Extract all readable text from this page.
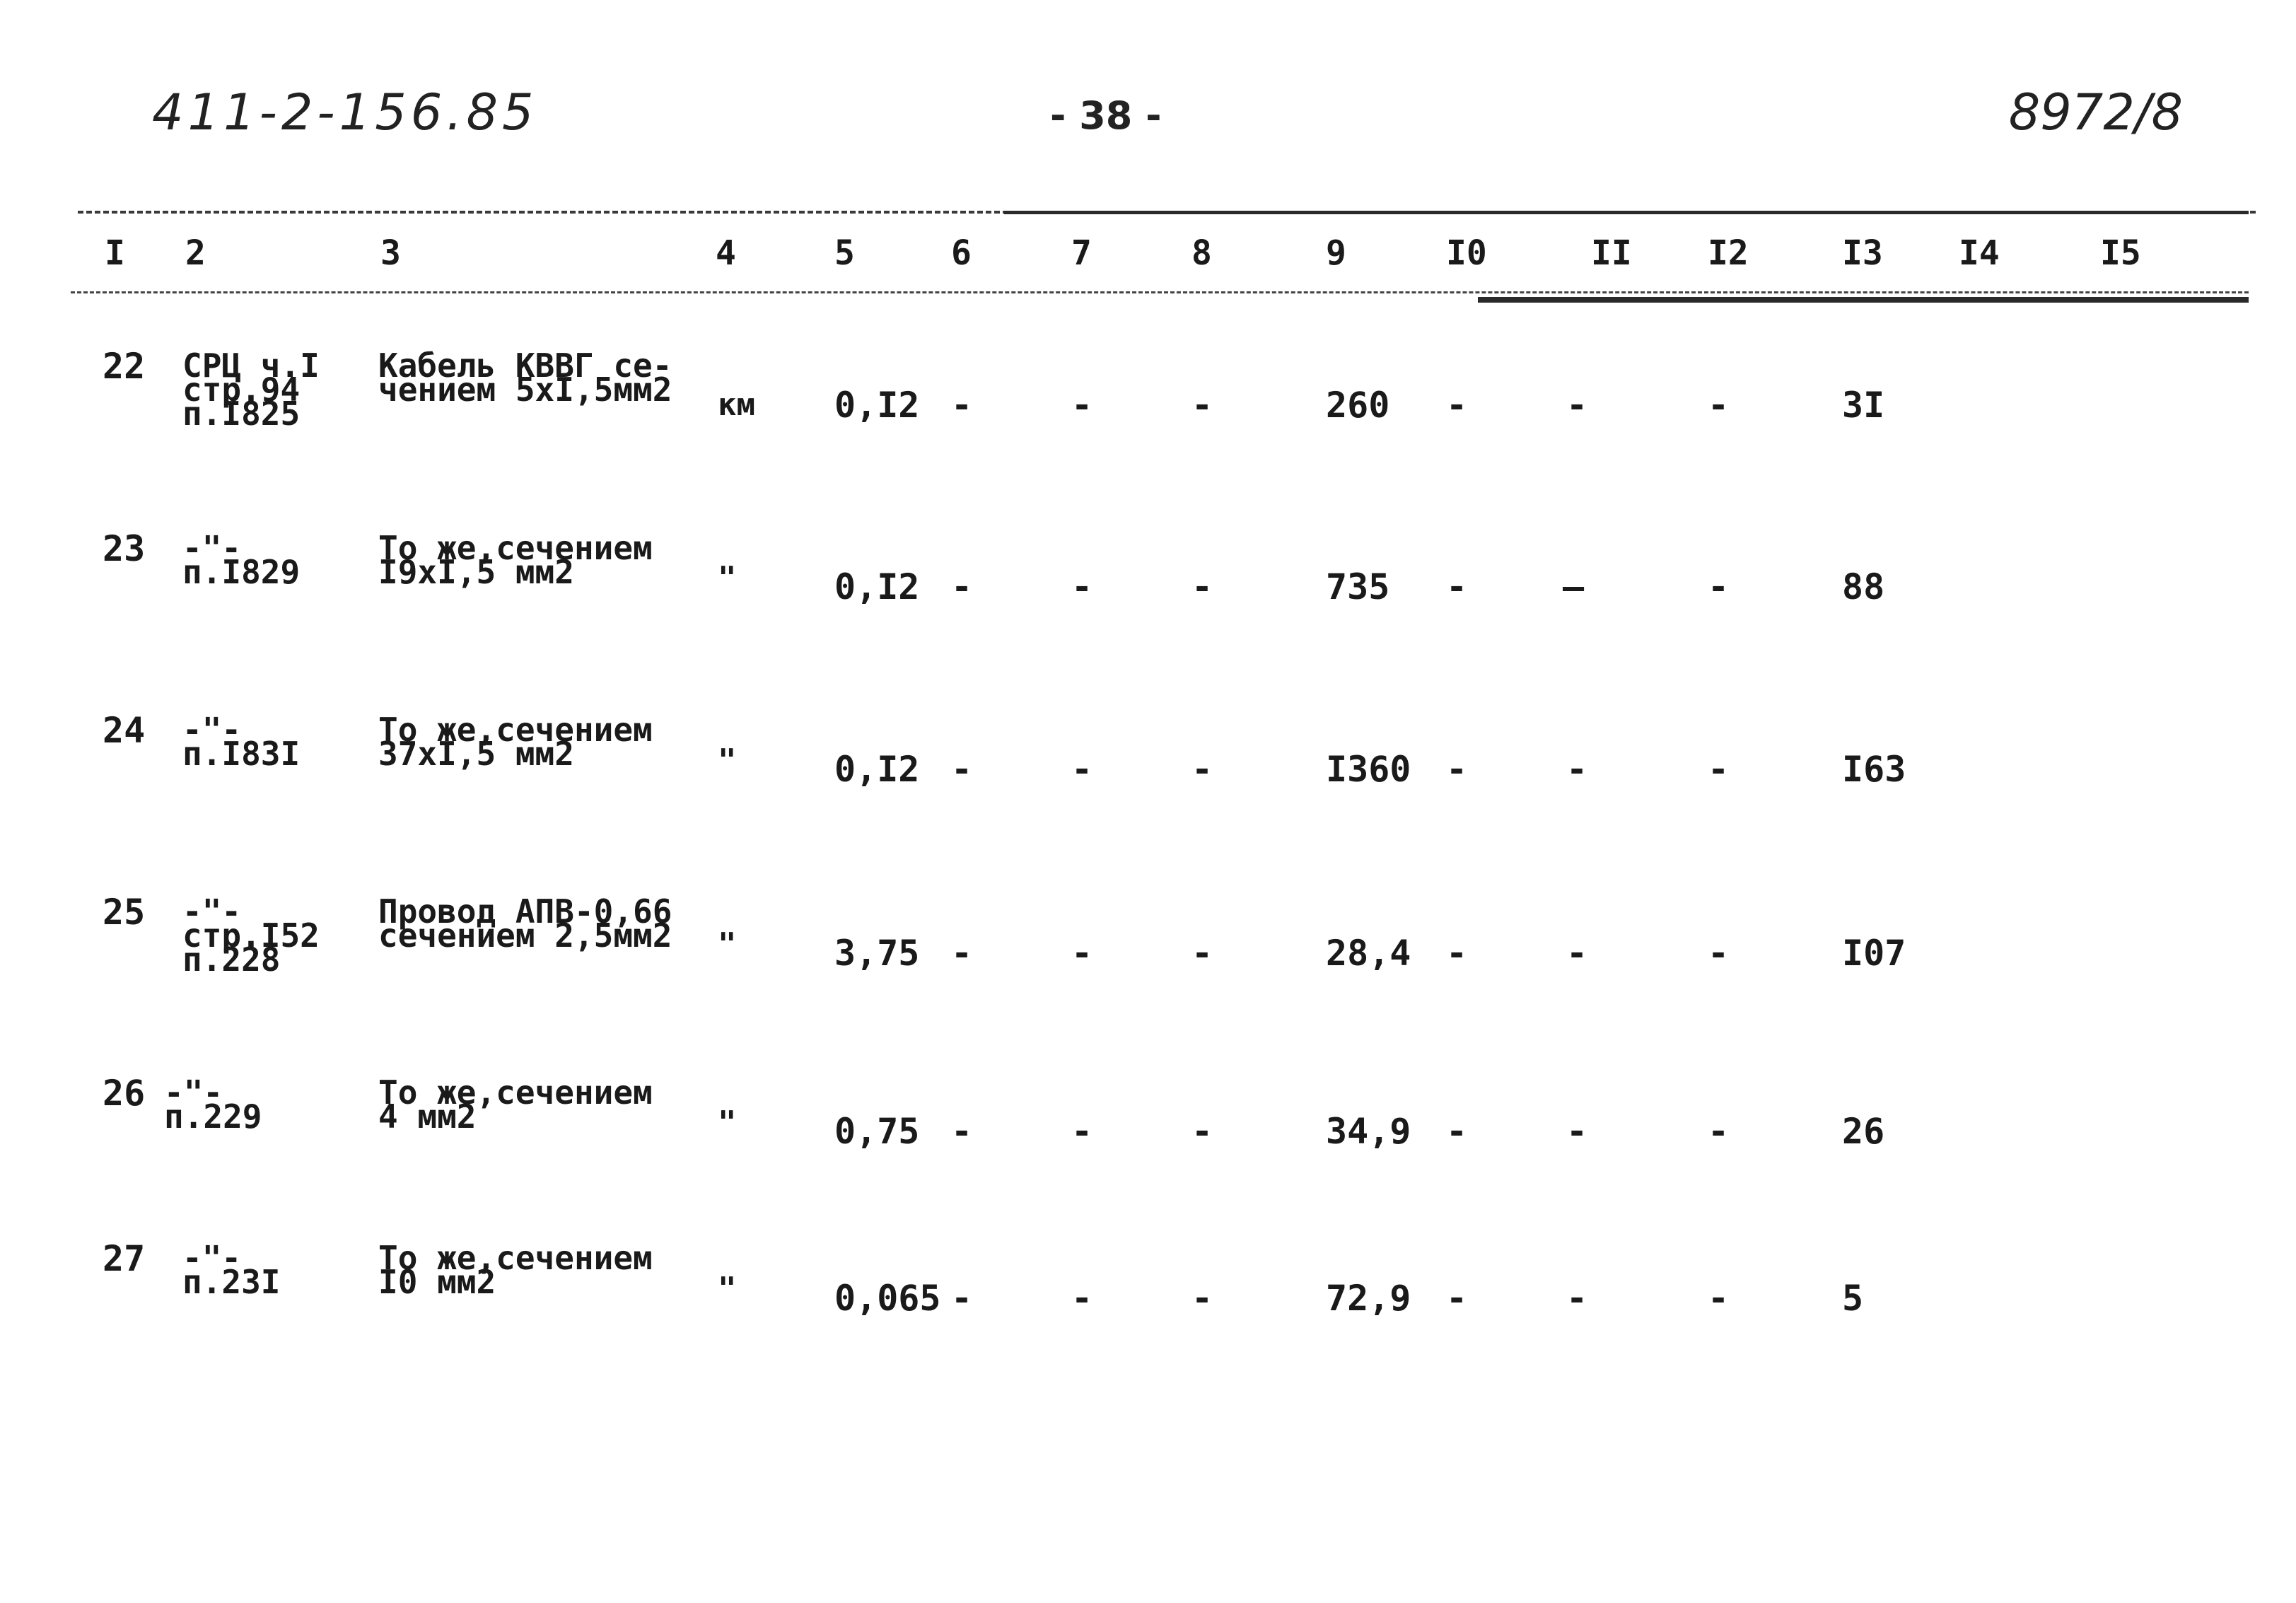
411-2-156.85	- 38 -	8972/8
I 2	3	4	5	6	7	8	9	I0	II I2	I3 I4	I5
22 СРЦ ч.I
стр.94
п.I825
Кабель КВВГ се-
чением 5хI,5мм2 км 0,I2 -	-	-	260 -	-	-	3I
23 -"-
п.I829
То же,сечением
I9хI,5 мм2	"	0,I2 -	-	-	735 -	—	-	88
24 -"-
п.I83I
То же,сечением
37хI,5 мм2	"	0,I2 -	-	-	I360 -	-	-	I63
25 -"-
стр.I52
п.228
Провод АПВ-0,66
сечением 2,5мм2 "	3,75 -	-	-	28,4 -	-	-	I07
26 -"-
п.229
То же,сечением
4 мм2	"	0,75 -	-	-	34,9 -	-	-	26
27 -"-
п.23I
То же,сечением
I0 мм2	"	0,065 -	-	-	72,9 -	-	-	5
